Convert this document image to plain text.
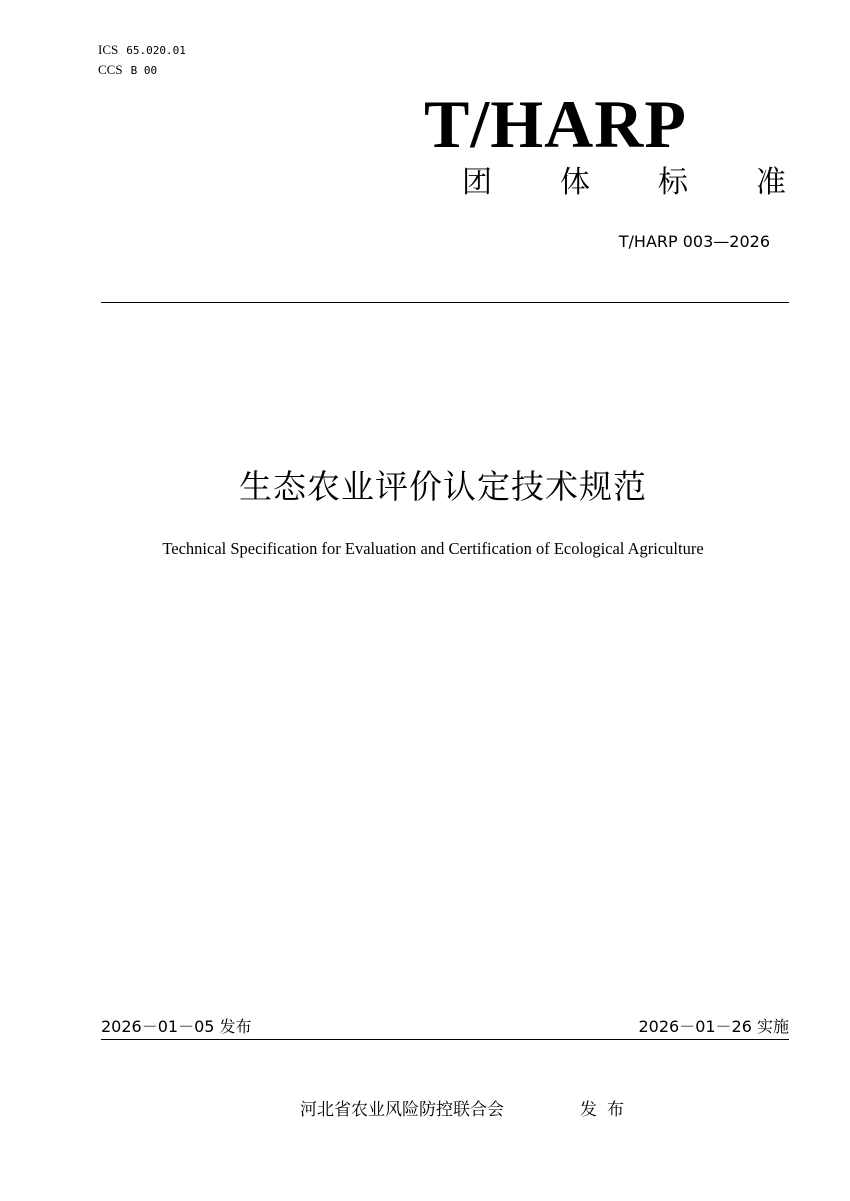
ICS 65.020.01
CCS B 00
T/HARP
团 体 标 准
T/HARP 003—2026
生态农业评价认定技术规范
Technical Specification for Evaluation and Certification of Ecological Agriculture
2026－01－05 发布	2026－01－26 实施
河北省农业风险防控联合会	发布
